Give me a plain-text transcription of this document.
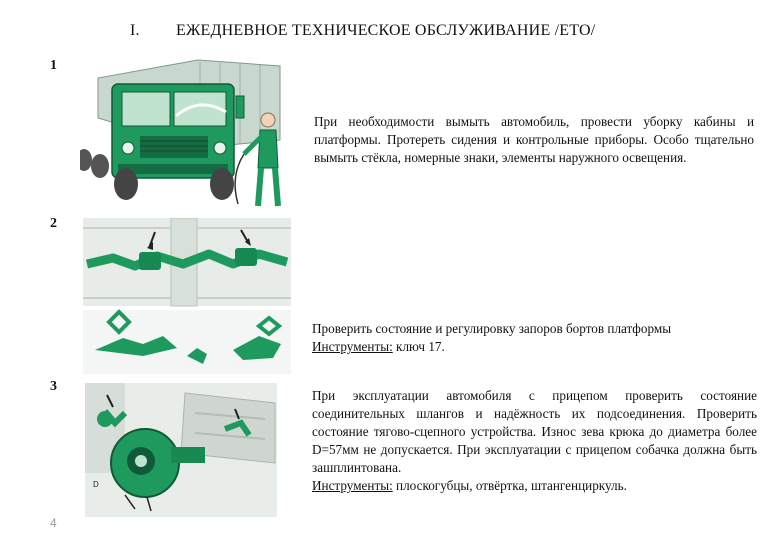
I. ЕЖЕДНЕВНОЕ ТЕХНИЧЕСКОЕ ОБСЛУЖИВАНИЕ /ЕТО/
1
При необходимости вымыть автомобиль, провести уборку кабины и платформы. Протереть сидения и контрольные приборы. Особо тщательно вымыть стёкла, номерные знаки, элементы наружного освещения.
2
Проверить состояние и регулировку запоров бортов платформы
Инструменты: ключ 17.
3
D
При эксплуатации автомобиля с прицепом проверить состояние соединительных шлангов и надёжность их подсоединения. Проверить состояние тягово-сцепного устройства. Износ зева крюка до диаметра более D=57мм не допускается. При эксплуатации с прицепом собачка должна быть зашплинтована.
Инструменты: плоскогубцы, отвёртка, штангенциркуль.
4
